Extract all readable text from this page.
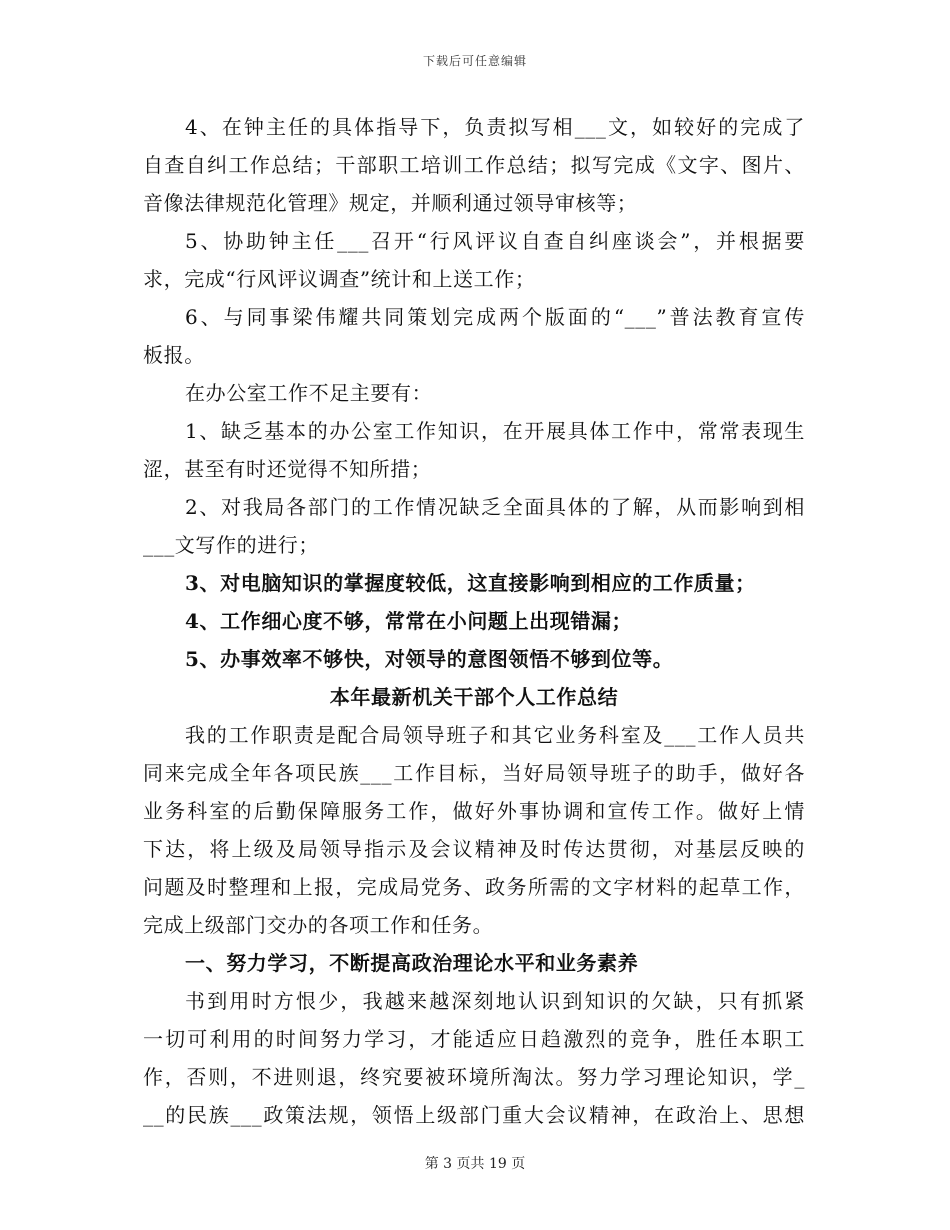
下载后可任意编辑
4、在钟主任的具体指导下，负责拟写相___文，如较好的完成了
自查自纠工作总结；干部职工培训工作总结；拟写完成《文字、图片、
音像法律规范化管理》规定，并顺利通过领导审核等；
5、协助钟主任___召开“行风评议自查自纠座谈会”，并根据要
求，完成“行风评议调查”统计和上送工作；
6、与同事梁伟耀共同策划完成两个版面的“___”普法教育宣传
板报。
在办公室工作不足主要有：
1、缺乏基本的办公室工作知识，在开展具体工作中，常常表现生
涩，甚至有时还觉得不知所措；
2、对我局各部门的工作情况缺乏全面具体的了解，从而影响到相
___文写作的进行；
3、对电脑知识的掌握度较低，这直接影响到相应的工作质量；
4、工作细心度不够，常常在小问题上出现错漏；
5、办事效率不够快，对领导的意图领悟不够到位等。
本年最新机关干部个人工作总结
我的工作职责是配合局领导班子和其它业务科室及___工作人员共
同来完成全年各项民族___工作目标，当好局领导班子的助手，做好各
业务科室的后勤保障服务工作，做好外事协调和宣传工作。做好上情
下达，将上级及局领导指示及会议精神及时传达贯彻，对基层反映的
问题及时整理和上报，完成局党务、政务所需的文字材料的起草工作，
完成上级部门交办的各项工作和任务。
一、努力学习，不断提高政治理论水平和业务素养
书到用时方恨少，我越来越深刻地认识到知识的欠缺，只有抓紧
一切可利用的时间努力学习，才能适应日趋激烈的竞争，胜任本职工
作，否则，不进则退，终究要被环境所淘汰。努力学习理论知识，学_
__的民族___政策法规，领悟上级部门重大会议精神，在政治上、思想
第 3 页共 19 页
